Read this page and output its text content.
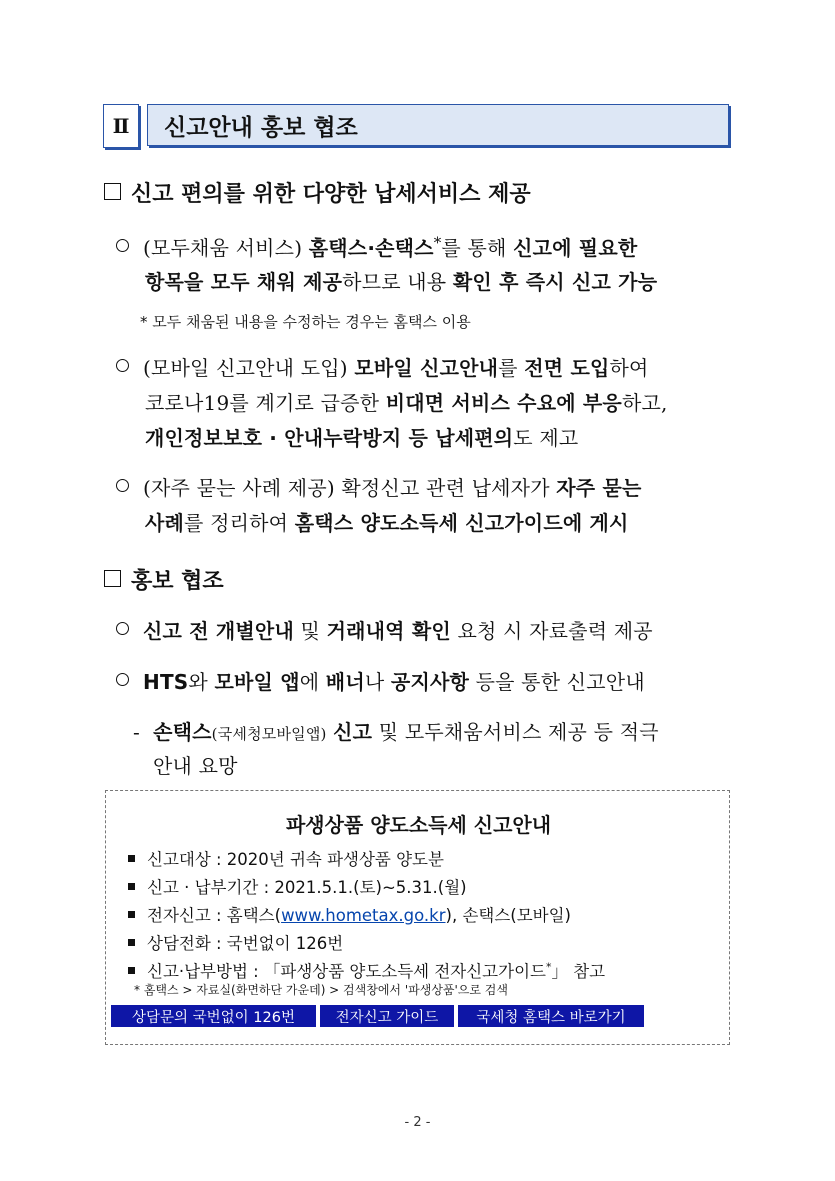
Ⅱ	신고안내 홍보 협조
신고 편의를 위한 다양한 납세서비스 제공
(모두채움 서비스) 홈택스·손택스*를 통해 신고에 필요한
항목을 모두 채워 제공하므로 내용 확인 후 즉시 신고 가능
* 모두 채움된 내용을 수정하는 경우는 홈택스 이용
(모바일 신고안내 도입) 모바일 신고안내를 전면 도입하여
코로나19를 계기로 급증한 비대면 서비스 수요에 부응하고,
개인정보보호 · 안내누락방지 등 납세편의도 제고
(자주 묻는 사례 제공) 확정신고 관련 납세자가 자주 묻는
사례를 정리하여 홈택스 양도소득세 신고가이드에 게시
홍보 협조
신고 전 개별안내 및 거래내역 확인 요청 시 자료출력 제공
HTS와 모바일 앱에 배너나 공지사항 등을 통한 신고안내
- 손택스(국세청모바일앱) 신고 및 모두채움서비스 제공 등 적극
안내 요망
파생상품 양도소득세 신고안내
신고대상 : 2020년 귀속 파생상품 양도분
신고 · 납부기간 : 2021.5.1.(토)~5.31.(월)
전자신고 : 홈택스(www.hometax.go.kr), 손택스(모바일)
상담전화 : 국번없이 126번
신고·납부방법 : 「파생상품 양도소득세 전자신고가이드*」 참고
* 홈택스 > 자료실(화면하단 가운데) > 검색창에서 '파생상품'으로 검색
상담문의 국번없이 126번	전자신고 가이드	국세청 홈택스 바로가기
- 2 -
